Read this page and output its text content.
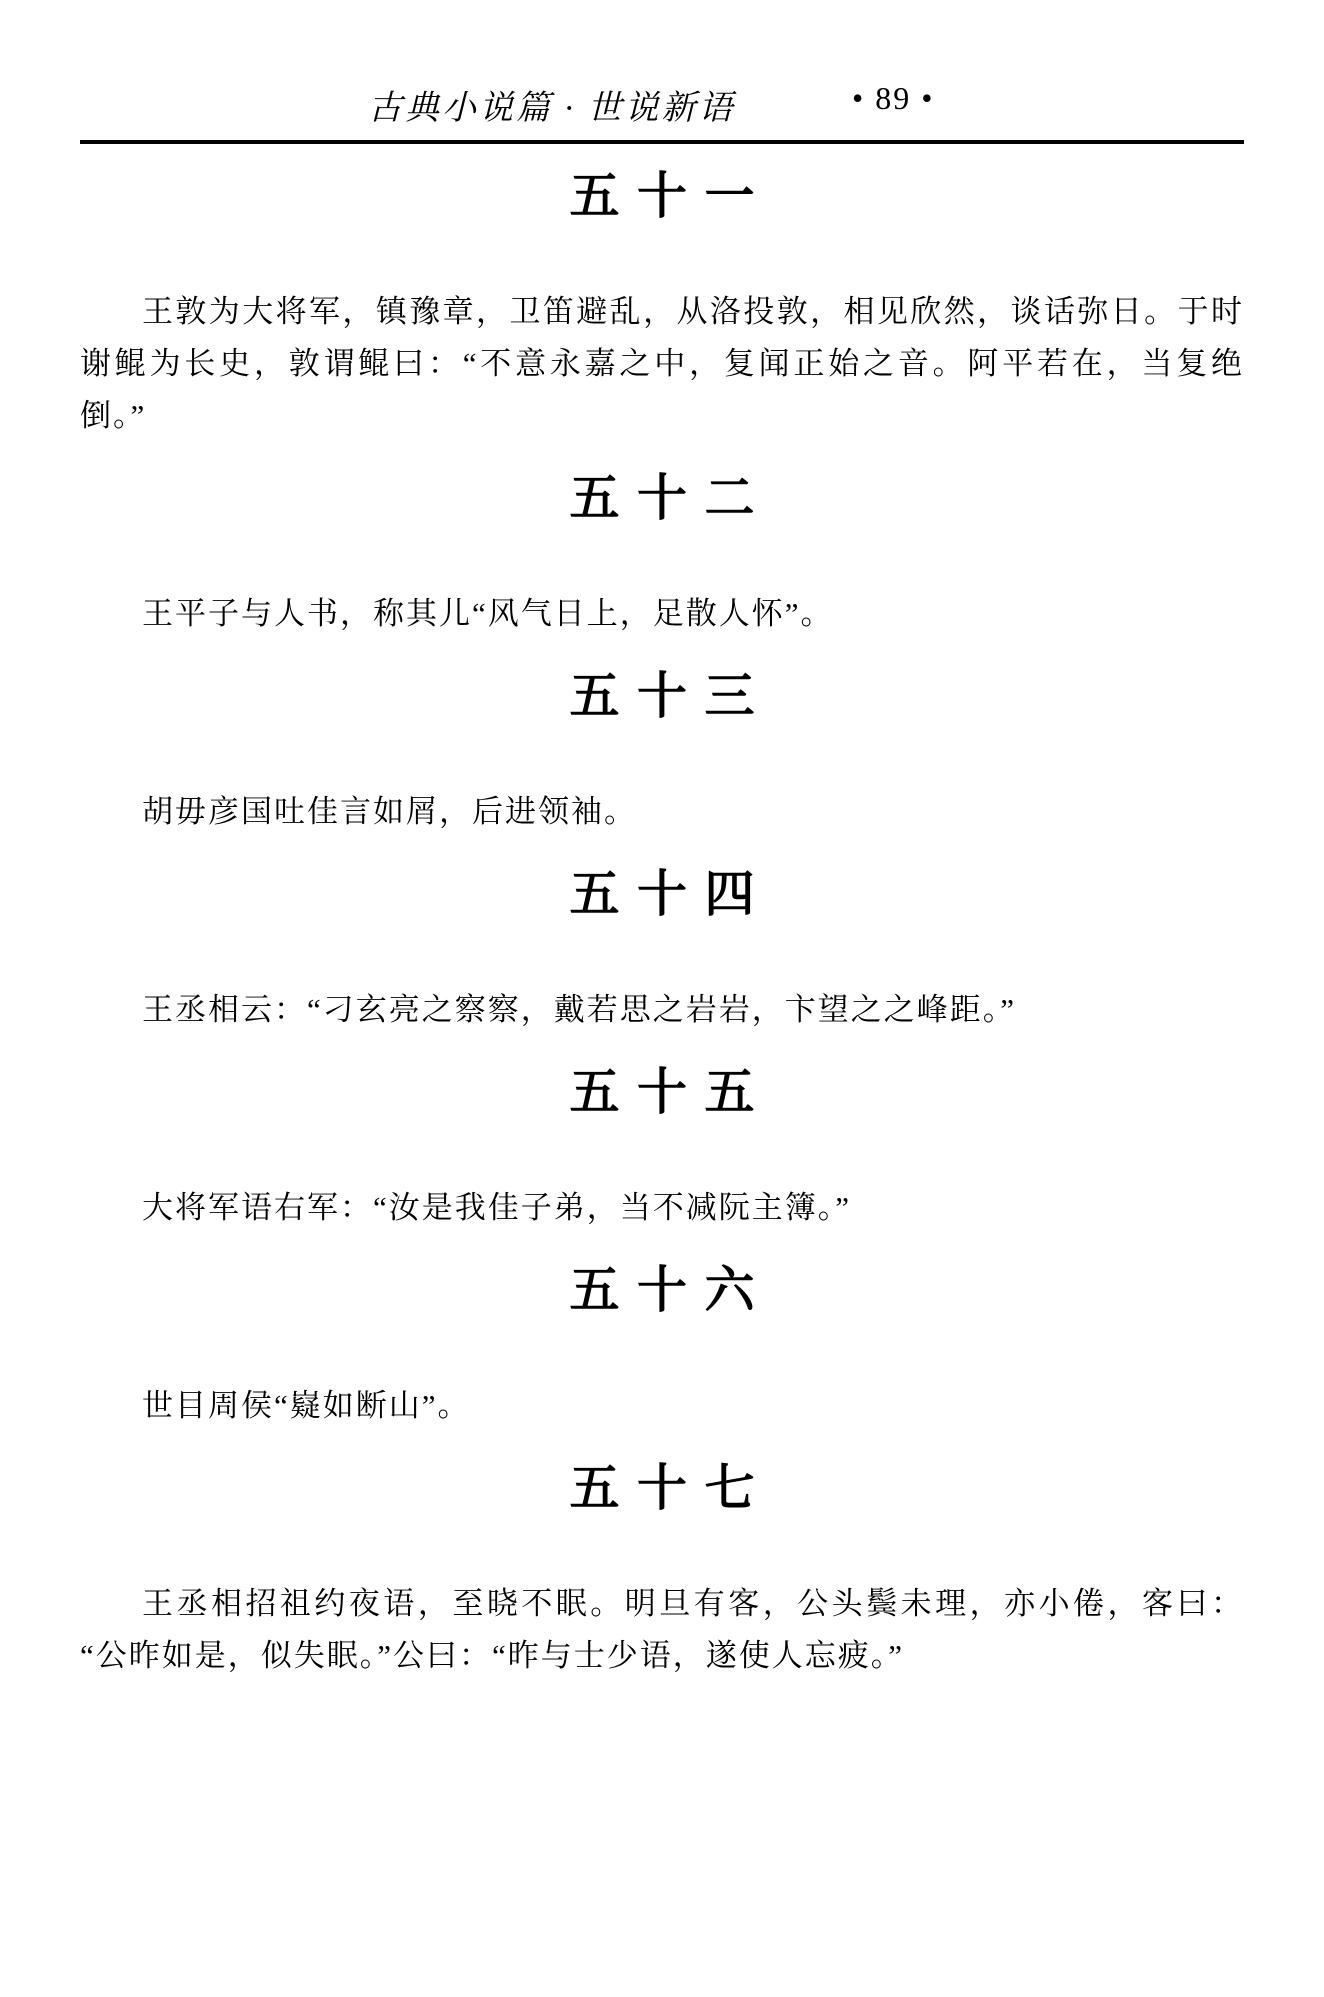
古典小说篇 · 世说新语	• 89 •
五十一

王敦为大将军，镇豫章，卫笛避乱，从洛投敦，相见欣然，谈话弥日。于时谢鲲为长史，敦谓鲲曰：“不意永嘉之中，复闻正始之音。阿平若在，当复绝倒。”

五十二

王平子与人书，称其儿“风气日上，足散人怀”。

五十三

胡毋彦国吐佳言如屑，后进领袖。

五十四

王丞相云：“刁玄亮之察察，戴若思之岩岩，卞望之之峰距。”

五十五

大将军语右军：“汝是我佳子弟，当不减阮主簿。”

五十六

世目周侯“嶷如断山”。

五十七

王丞相招祖约夜语，至晓不眠。明旦有客，公头鬓未理，亦小倦，客曰：“公昨如是，似失眠。”公曰：“昨与士少语，遂使人忘疲。”
